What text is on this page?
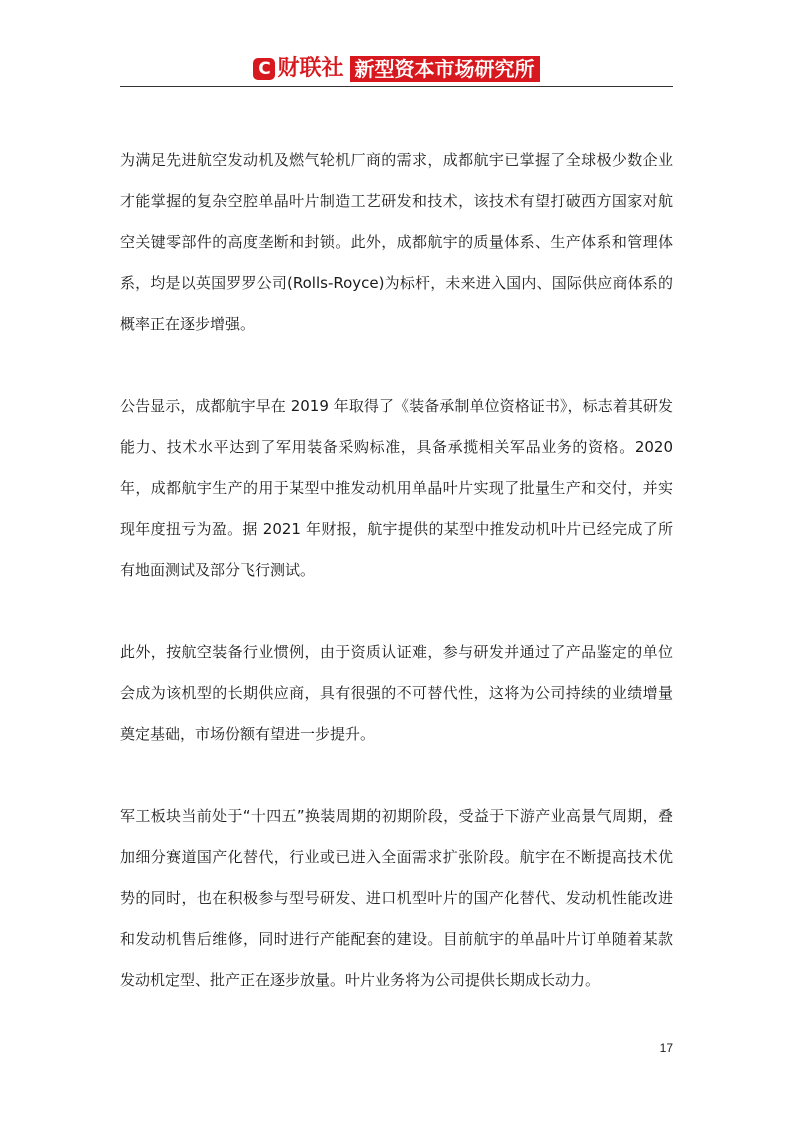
C 财联社 新型资本市场研究所

为满足先进航空发动机及燃气轮机厂商的需求，成都航宇已掌握了全球极少数企业才能掌握的复杂空腔单晶叶片制造工艺研发和技术，该技术有望打破西方国家对航空关键零部件的高度垄断和封锁。此外，成都航宇的质量体系、生产体系和管理体系，均是以英国罗罗公司(Rolls-Royce)为标杆，未来进入国内、国际供应商体系的概率正在逐步增强。

公告显示，成都航宇早在 2019 年取得了《装备承制单位资格证书》，标志着其研发能力、技术水平达到了军用装备采购标准，具备承揽相关军品业务的资格。2020 年，成都航宇生产的用于某型中推发动机用单晶叶片实现了批量生产和交付，并实现年度扭亏为盈。据 2021 年财报，航宇提供的某型中推发动机叶片已经完成了所有地面测试及部分飞行测试。

此外，按航空装备行业惯例，由于资质认证难，参与研发并通过了产品鉴定的单位会成为该机型的长期供应商，具有很强的不可替代性，这将为公司持续的业绩增量奠定基础，市场份额有望进一步提升。

军工板块当前处于“十四五”换装周期的初期阶段，受益于下游产业高景气周期，叠加细分赛道国产化替代，行业或已进入全面需求扩张阶段。航宇在不断提高技术优势的同时，也在积极参与型号研发、进口机型叶片的国产化替代、发动机性能改进和发动机售后维修，同时进行产能配套的建设。目前航宇的单晶叶片订单随着某款发动机定型、批产正在逐步放量。叶片业务将为公司提供长期成长动力。

17
